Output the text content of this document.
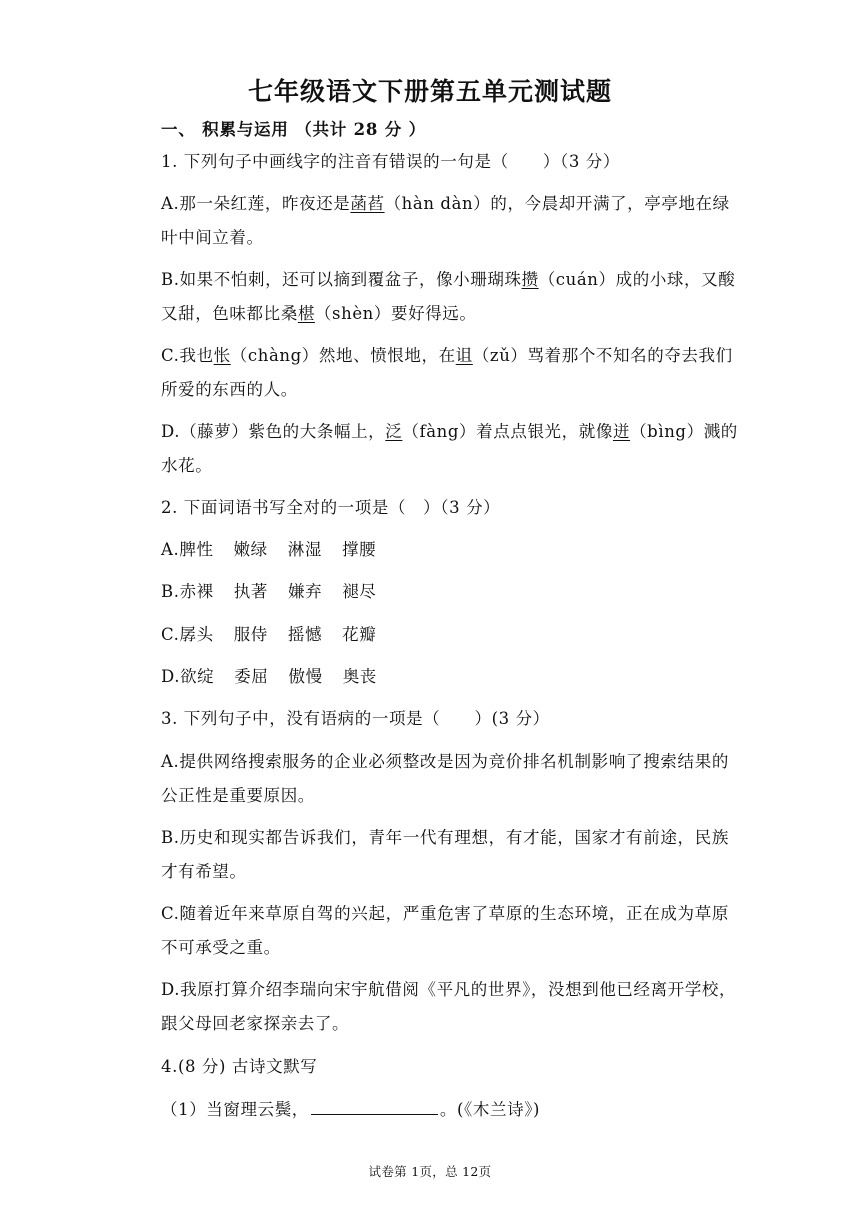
七年级语文下册第五单元测试题
一、 积累与运用 （共计 28 分 ）
1. 下列句子中画线字的注音有错误的一句是（　　）（3 分）
A.那一朵红莲，昨夜还是菡萏（hàn dàn）的，今晨却开满了，亭亭地在绿
叶中间立着。
B.如果不怕刺，还可以摘到覆盆子，像小珊瑚珠攒（cuán）成的小球，又酸
又甜，色味都比桑椹（shèn）要好得远。
C.我也怅（chàng）然地、愤恨地，在诅（zǔ）骂着那个不知名的夺去我们
所爱的东西的人。
D.（藤萝）紫色的大条幅上，泛（fàng）着点点银光，就像迸（bìng）溅的
水花。
2. 下面词语书写全对的一项是（　）（3 分）
A.脾性 嫩绿 淋湿 撑腰
B.赤裸 执著 嫌弃 褪尽
C.孱头 服侍 摇憾 花瓣
D.欲绽 委屈 傲慢 奥丧
3. 下列句子中，没有语病的一项是（　　）(3 分）
A.提供网络搜索服务的企业必须整改是因为竞价排名机制影响了搜索结果的
公正性是重要原因。
B.历史和现实都告诉我们，青年一代有理想，有才能，国家才有前途，民族
才有希望。
C.随着近年来草原自驾的兴起，严重危害了草原的生态环境，正在成为草原
不可承受之重。
D.我原打算介绍李瑞向宋宇航借阅《平凡的世界》，没想到他已经离开学校，
跟父母回老家探亲去了。
4.(8 分) 古诗文默写
（1）当窗理云鬓，	。(《木兰诗》)
试卷第 1页，总 12页
